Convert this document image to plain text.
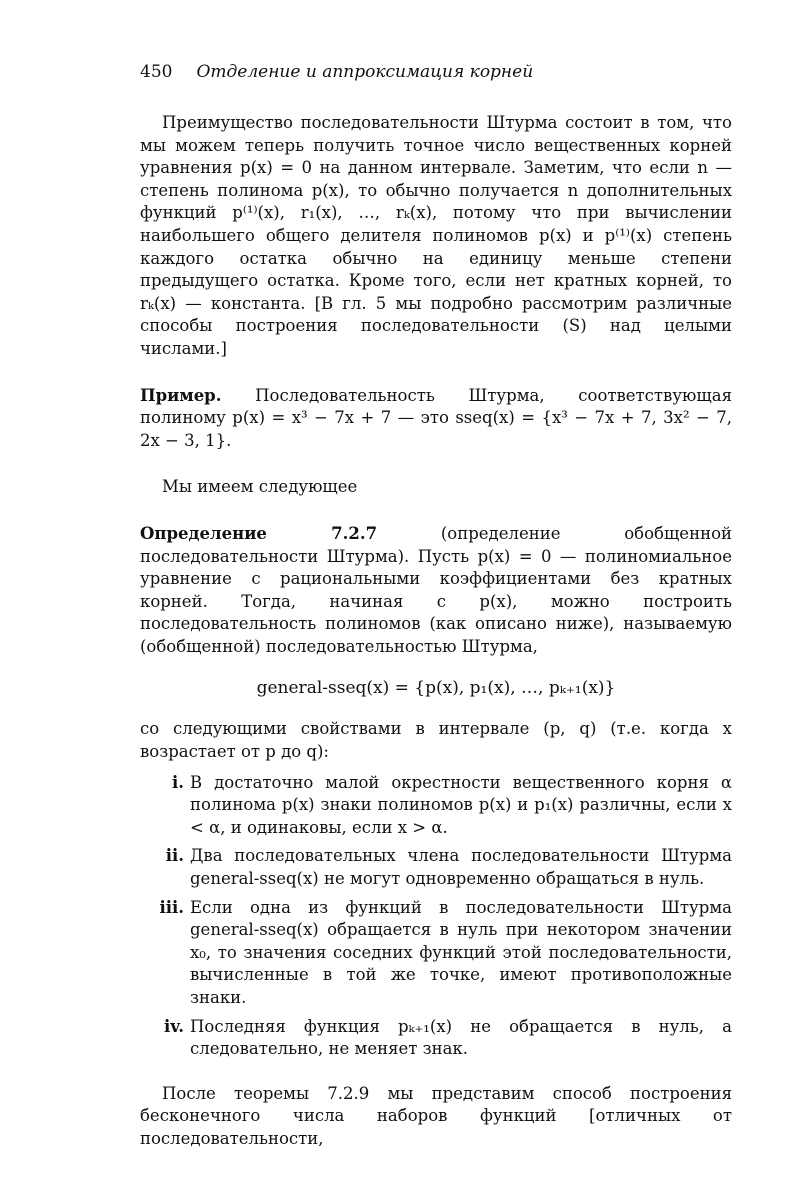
450 Отделение и аппроксимация корней

Преимущество последовательности Штурма состоит в том, что мы можем теперь получить точное число вещественных корней уравнения p(x) = 0 на данном интервале. Заметим, что если n — степень полинома p(x), то обычно получается n дополнительных функций p⁽¹⁾(x), r₁(x), …, rₖ(x), потому что при вычислении наибольшего общего делителя полиномов p(x) и p⁽¹⁾(x) степень каждого остатка обычно на единицу меньше степени предыдущего остатка. Кроме того, если нет кратных корней, то rₖ(x) — константа. [В гл. 5 мы подробно рассмотрим различные способы построения последовательности (S) над целыми числами.]

Пример. Последовательность Штурма, соответствующая полиному p(x) = x³ − 7x + 7 — это sseq(x) = {x³ − 7x + 7, 3x² − 7, 2x − 3, 1}.

Мы имеем следующее

Определение 7.2.7	(определение обобщенной последовательности Штурма). Пусть p(x) = 0 — полиномиальное уравнение с рациональными коэффициентами без кратных корней. Тогда, начиная с p(x), можно построить последовательность полиномов (как описано ниже), называемую (обобщенной) последовательностью Штурма,

general-sseq(x) = {p(x), p₁(x), …, pₖ₊₁(x)}

со следующими свойствами в интервале (p, q) (т.е. когда x возрастает от p до q):

i. В достаточно малой окрестности вещественного корня α полинома p(x) знаки полиномов p(x) и p₁(x) различны, если x < α, и одинаковы, если x > α.
ii. Два последовательных члена последовательности Штурма general-sseq(x) не могут одновременно обращаться в нуль.
iii. Если одна из функций в последовательности Штурма general-sseq(x) обращается в нуль при некотором значении x₀, то значения соседних функций этой последовательности, вычисленные в той же точке, имеют противоположные знаки.
iv. Последняя функция pₖ₊₁(x) не обращается в нуль, а следовательно, не меняет знак.

После теоремы 7.2.9 мы представим способ построения бесконечного числа наборов функций [отличных от последовательности,
